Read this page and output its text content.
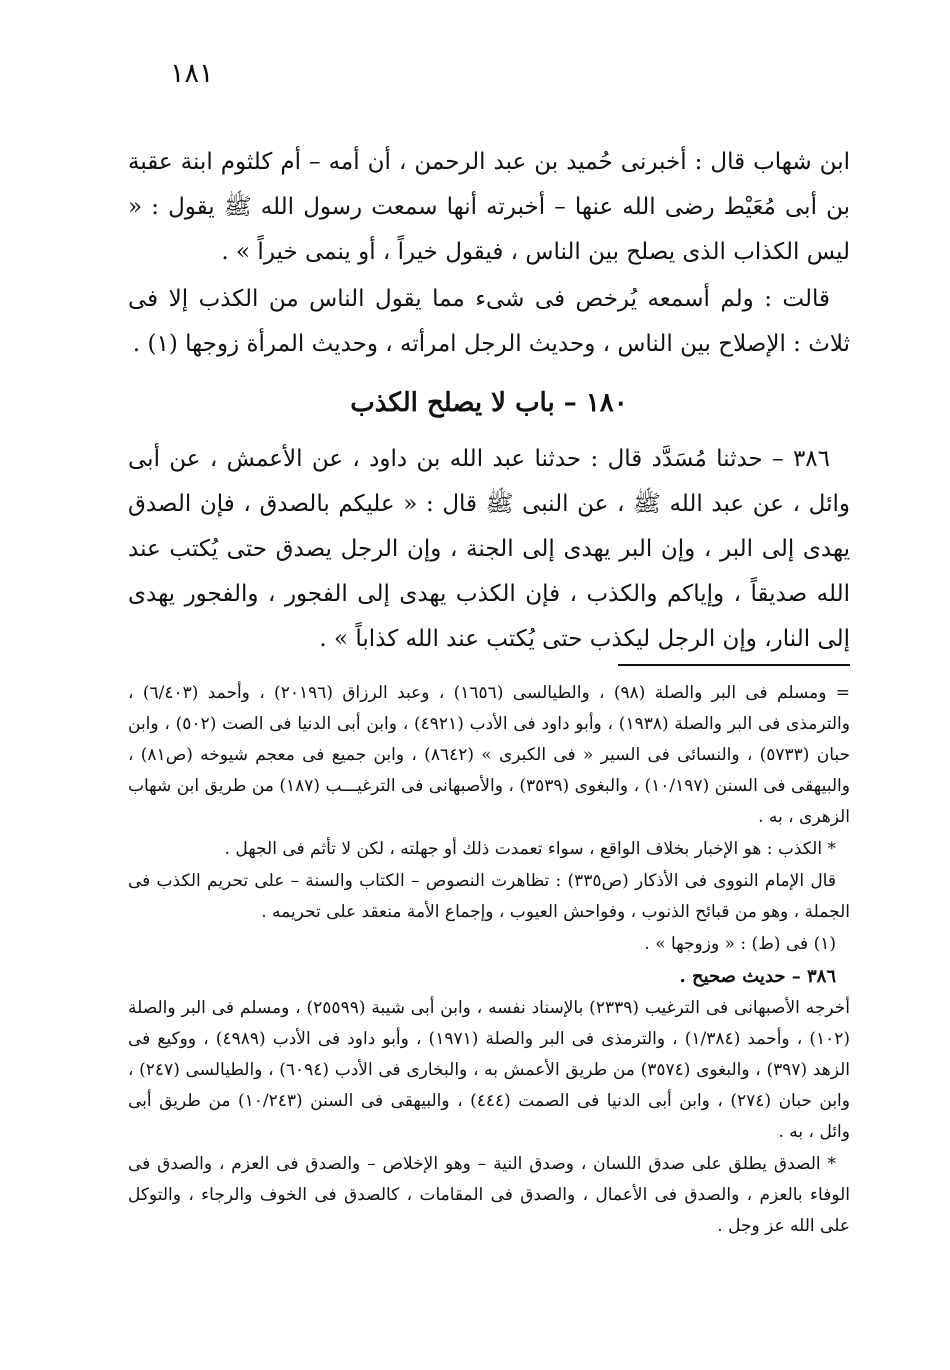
١٨١

ابن شهاب قال : أخبرنى حُميد بن عبد الرحمن ، أن أمه – أم كلثوم ابنة عقبة بن أبى مُعَيْط رضى الله عنها – أخبرته أنها سمعت رسول الله ﷺ يقول : « ليس الكذاب الذى يصلح بين الناس ، فيقول خيراً ، أو ينمى خيراً » .

قالت : ولم أسمعه يُرخص فى شىء مما يقول الناس من الكذب إلا فى ثلاث : الإصلاح بين الناس ، وحديث الرجل امرأته ، وحديث المرأة زوجها (١) .

١٨٠ – باب لا يصلح الكذب

٣٨٦ – حدثنا مُسَدَّد قال : حدثنا عبد الله بن داود ، عن الأعمش ، عن أبى وائل ، عن عبد الله ﷺ ، عن النبى ﷺ قال : « عليكم بالصدق ، فإن الصدق يهدى إلى البر ، وإن البر يهدى إلى الجنة ، وإن الرجل يصدق حتى يُكتب عند الله صديقاً ، وإياكم والكذب ، فإن الكذب يهدى إلى الفجور ، والفجور يهدى إلى النار، وإن الرجل ليكذب حتى يُكتب عند الله كذاباً » .

= ومسلم فى البر والصلة (٩٨) ، والطيالسى (١٦٥٦) ، وعبد الرزاق (٢٠١٩٦) ، وأحمد (٦/٤٠٣) ، والترمذى فى البر والصلة (١٩٣٨) ، وأبو داود فى الأدب (٤٩٢١) ، وابن أبى الدنيا فى الصت (٥٠٢) ، وابن حبان (٥٧٣٣) ، والنسائى فى السير « فى الكبرى » (٨٦٤٢) ، وابن جميع فى معجم شيوخه (ص٨١) ، والبيهقى فى السنن (١٠/١٩٧) ، والبغوى (٣٥٣٩) ، والأصبهانى فى الترغيـــب (١٨٧) من طريق ابن شهاب الزهرى ، به .

* الكذب : هو الإخبار بخلاف الواقع ، سواء تعمدت ذلك أو جهلته ، لكن لا تأثم فى الجهل .

قال الإمام النووى فى الأذكار (ص٣٣٥) : تظاهرت النصوص – الكتاب والسنة – على تحريم الكذب فى الجملة ، وهو من قبائح الذنوب ، وفواحش العيوب ، وإجماع الأمة منعقد على تحريمه .

(١) فى (ط) : « وزوجها » .

٣٨٦ – حديث صحيح .

أخرجه الأصبهانى فى الترغيب (٢٣٣٩) بالإسناد نفسه ، وابن أبى شيبة (٢٥٥٩٩) ، ومسلم فى البر والصلة (١٠٢) ، وأحمد (١/٣٨٤) ، والترمذى فى البر والصلة (١٩٧١) ، وأبو داود فى الأدب (٤٩٨٩) ، ووكيع فى الزهد (٣٩٧) ، والبغوى (٣٥٧٤) من طريق الأعمش به ، والبخارى فى الأدب (٦٠٩٤) ، والطيالسى (٢٤٧) ، وابن حبان (٢٧٤) ، وابن أبى الدنيا فى الصمت (٤٤٤) ، والبيهقى فى السنن (١٠/٢٤٣) من طريق أبى وائل ، به .

* الصدق يطلق على صدق اللسان ، وصدق النية – وهو الإخلاص – والصدق فى العزم ، والصدق فى الوفاء بالعزم ، والصدق فى الأعمال ، والصدق فى المقامات ، كالصدق فى الخوف والرجاء ، والتوكل على الله عز وجل .
